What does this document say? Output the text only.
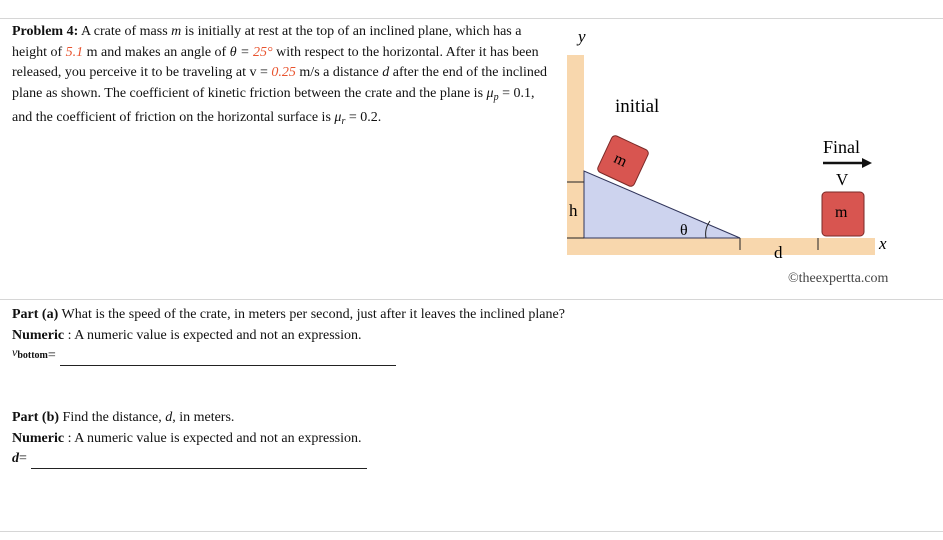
Problem 4: A crate of mass m is initially at rest at the top of an inclined plane, which has a height of 5.1 m and makes an angle of θ = 25° with respect to the horizontal. After it has been released, you perceive it to be traveling at v = 0.25 m/s a distance d after the end of the inclined plane as shown. The coefficient of kinetic friction between the crate and the plane is $\mu_p = 0.1$, and the coefficient of friction on the horizontal surface is $\mu_r = 0.2$.
h
θ
d
y
x
initial
m
Final
V
m
©theexpertta.com
Part (a) What is the speed of the crate, in meters per second, just after it leaves the inclined plane?
Numeric : A numeric value is expected and not an expression.
vbottom =
Part (b) Find the distance, d, in meters.
Numeric : A numeric value is expected and not an expression.
d =
